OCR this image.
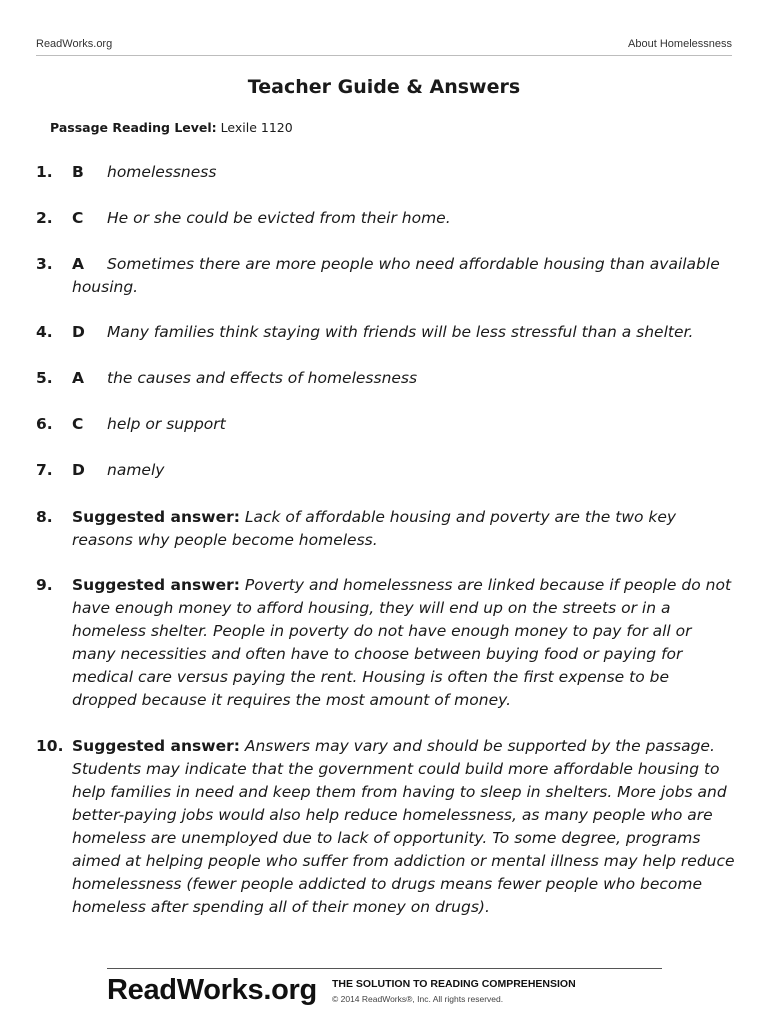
ReadWorks.org	About Homelessness
Teacher Guide & Answers
Passage Reading Level: Lexile 1120
1. B	homelessness
2. C	He or she could be evicted from their home.
3. A	Sometimes there are more people who need affordable housing than available housing.
4. D	Many families think staying with friends will be less stressful than a shelter.
5. A	the causes and effects of homelessness
6. C	help or support
7. D	namely
8.	Suggested answer: Lack of affordable housing and poverty are the two key reasons why people become homeless.
9.	Suggested answer: Poverty and homelessness are linked because if people do not have enough money to afford housing, they will end up on the streets or in a homeless shelter. People in poverty do not have enough money to pay for all or many necessities and often have to choose between buying food or paying for medical care versus paying the rent. Housing is often the first expense to be dropped because it requires the most amount of money.
10. Suggested answer: Answers may vary and should be supported by the passage. Students may indicate that the government could build more affordable housing to help families in need and keep them from having to sleep in shelters. More jobs and better-paying jobs would also help reduce homelessness, as many people who are homeless are unemployed due to lack of opportunity. To some degree, programs aimed at helping people who suffer from addiction or mental illness may help reduce homelessness (fewer people addicted to drugs means fewer people who become homeless after spending all of their money on drugs).
ReadWorks.org THE SOLUTION TO READING COMPREHENSION
© 2014 ReadWorks®, Inc. All rights reserved.
